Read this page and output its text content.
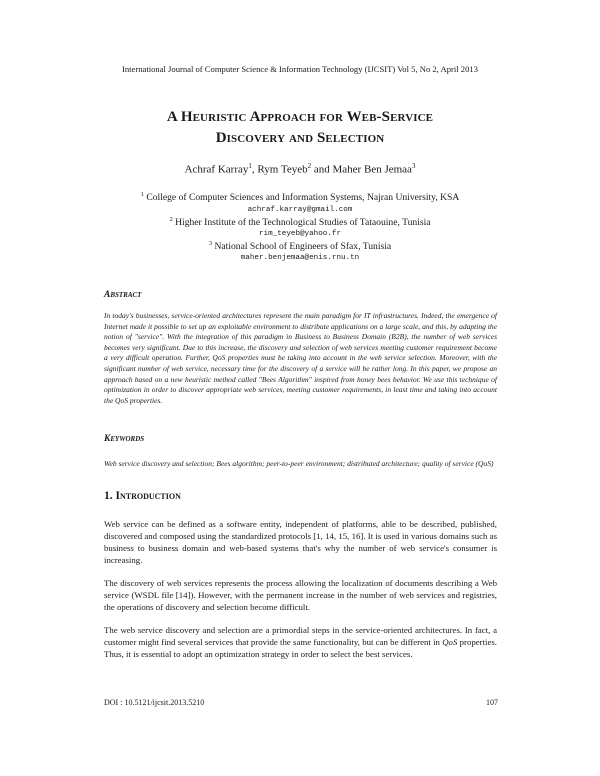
International Journal of Computer Science & Information Technology (IJCSIT) Vol 5, No 2, April 2013
A Heuristic Approach for Web-Service
Discovery and Selection
Achraf Karray$^1$, Rym Teyeb$^2$ and Maher Ben Jemaa$^3$
$^1$ College of Computer Sciences and Information Systems, Najran University, KSA
achraf.karray@gmail.com
$^2$ Higher Institute of the Technological Studies of Tataouine, Tunisia
rim_teyeb@yahoo.fr
$^3$ National School of Engineers of Sfax, Tunisia
maher.benjemaa@enis.rnu.tn
Abstract
In today's businesses, service-oriented architectures represent the main paradigm for IT infrastructures. Indeed, the emergence of Internet made it possible to set up an exploitable environment to distribute applications on a large scale, and this, by adapting the notion of "service". With the integration of this paradigm in Business to Business Domain (B2B), the number of web services becomes very significant. Due to this increase, the discovery and selection of web services meeting customer requirement become a very difficult operation. Further, QoS properties must be taking into account in the web service selection. Moreover, with the significant number of web service, necessary time for the discovery of a service will be rather long. In this paper, we propose an approach based on a new heuristic method called "Bees Algorithm" inspired from honey bees behavior. We use this technique of optimization in order to discover appropriate web services, meeting customer requirements, in least time and taking into account the QoS properties.
Keywords
Web service discovery and selection; Bees algorithm; peer-to-peer environment; distributed architecture; quality of service (QoS)
1. Introduction
Web service can be defined as a software entity, independent of platforms, able to be described, published, discovered and composed using the standardized protocols [1, 14, 15, 16]. It is used in various domains such as business to business domain and web-based systems that's why the number of web service's consumer is increasing.
The discovery of web services represents the process allowing the localization of documents describing a Web service (WSDL file [14]). However, with the permanent increase in the number of web services and registries, the operations of discovery and selection become difficult.
The web service discovery and selection are a primordial steps in the service-oriented architectures. In fact, a customer might find several services that provide the same functionality, but can be different in QoS properties. Thus, it is essential to adopt an optimization strategy in order to select the best services.
DOI : 10.5121/ijcsit.2013.5210	107
